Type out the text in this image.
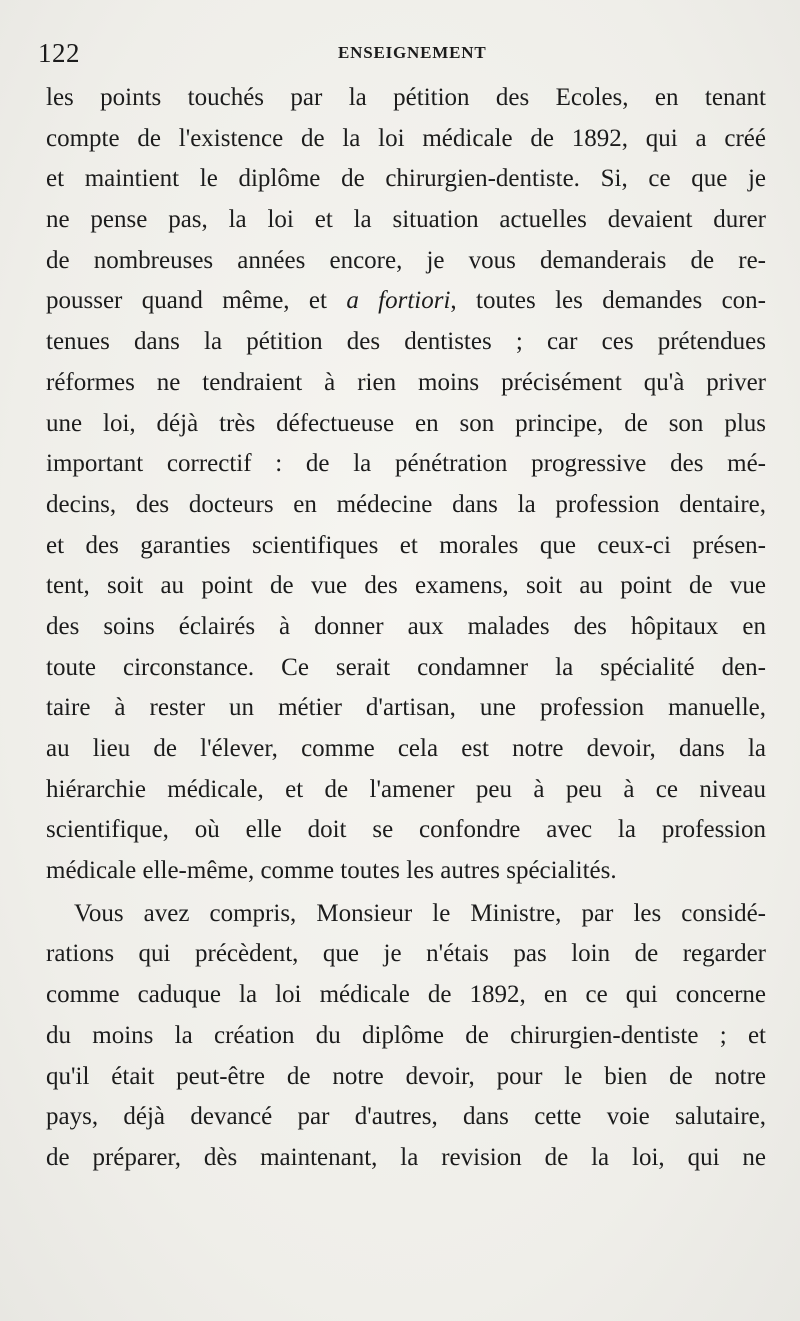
122	ENSEIGNEMENT
les points touchés par la pétition des Ecoles, en tenant
compte de l'existence de la loi médicale de 1892, qui a créé
et maintient le diplôme de chirurgien-dentiste. Si, ce que je
ne pense pas, la loi et la situation actuelles devaient durer
de nombreuses années encore, je vous demanderais de re-
pousser quand même, et a fortiori, toutes les demandes con-
tenues dans la pétition des dentistes ; car ces prétendues
réformes ne tendraient à rien moins précisément qu'à priver
une loi, déjà très défectueuse en son principe, de son plus
important correctif : de la pénétration progressive des mé-
decins, des docteurs en médecine dans la profession dentaire,
et des garanties scientifiques et morales que ceux-ci présen-
tent, soit au point de vue des examens, soit au point de vue
des soins éclairés à donner aux malades des hôpitaux en
toute circonstance. Ce serait condamner la spécialité den-
taire à rester un métier d'artisan, une profession manuelle,
au lieu de l'élever, comme cela est notre devoir, dans la
hiérarchie médicale, et de l'amener peu à peu à ce niveau
scientifique, où elle doit se confondre avec la profession
médicale elle-même, comme toutes les autres spécialités.
Vous avez compris, Monsieur le Ministre, par les considé-
rations qui précèdent, que je n'étais pas loin de regarder
comme caduque la loi médicale de 1892, en ce qui concerne
du moins la création du diplôme de chirurgien-dentiste ; et
qu'il était peut-être de notre devoir, pour le bien de notre
pays, déjà devancé par d'autres, dans cette voie salutaire,
de préparer, dès maintenant, la revision de la loi, qui ne
